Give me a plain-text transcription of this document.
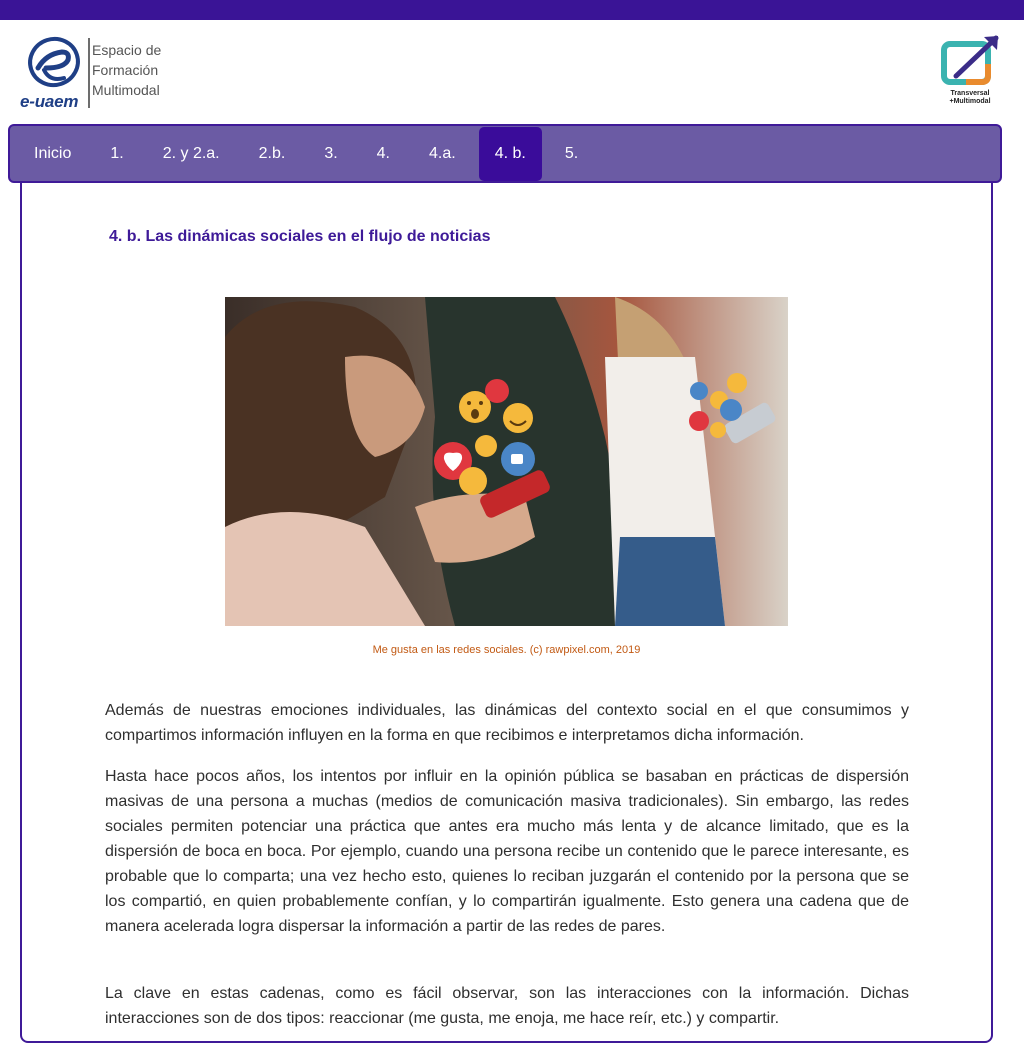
e-uaem
Espacio de
Formación
Multimodal	Transversal
+Multimodal
Inicio	1.	2. y 2.a.	2.b.	3.	4.	4.a.	4. b.	5.
4. b. Las dinámicas sociales en el flujo de noticias
Me gusta en las redes sociales. (c) rawpixel.com, 2019

Además de nuestras emociones individuales, las dinámicas del contexto social en el que consumimos y compartimos información influyen en la forma en que recibimos e interpretamos dicha información.

Hasta hace pocos años, los intentos por influir en la opinión pública se basaban en prácticas de dispersión masivas de una persona a muchas (medios de comunicación masiva tradicionales). Sin embargo, las redes sociales permiten potenciar una práctica que antes era mucho más lenta y de alcance limitado, que es la dispersión de boca en boca. Por ejemplo, cuando una persona recibe un contenido que le parece interesante, es probable que lo comparta; una vez hecho esto, quienes lo reciban juzgarán el contenido por la persona que se los compartió, en quien probablemente confían, y lo compartirán igualmente. Esto genera una cadena que de manera acelerada logra dispersar la información a partir de las redes de pares.

La clave en estas cadenas, como es fácil observar, son las interacciones con la información. Dichas interacciones son de dos tipos: reaccionar (me gusta, me enoja, me hace reír, etc.) y compartir.
